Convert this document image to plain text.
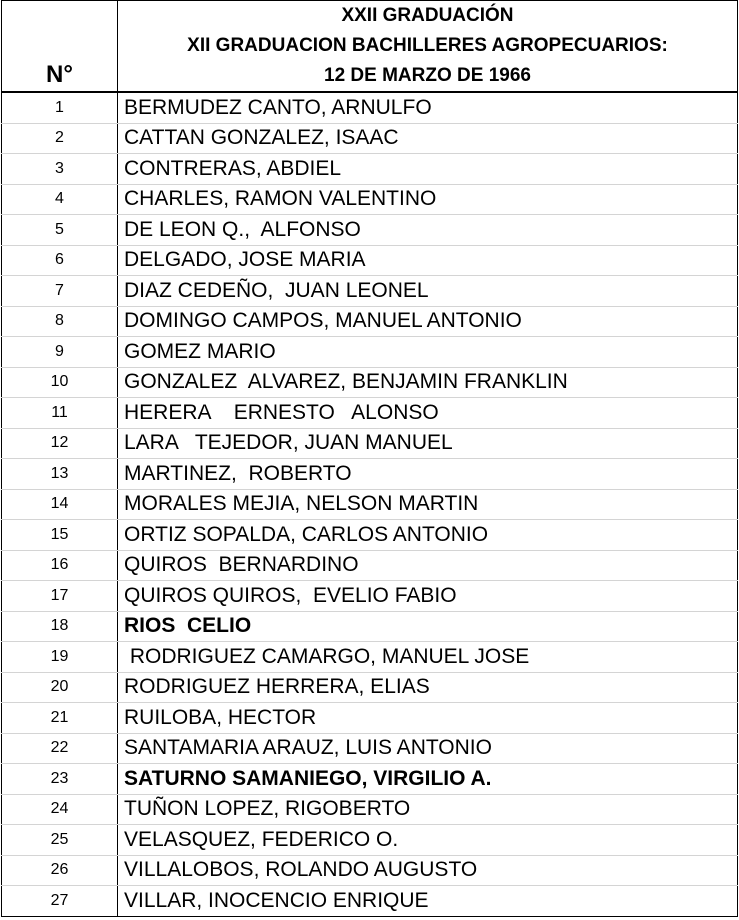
N°	XXII GRADUACIÓN
	XII GRADUACION BACHILLERES AGROPECUARIOS:
	12 DE MARZO DE 1966
1	BERMUDEZ CANTO, ARNULFO
2	CATTAN GONZALEZ, ISAAC
3	CONTRERAS, ABDIEL
4	CHARLES, RAMON VALENTINO
5	DE LEON Q.,  ALFONSO
6	DELGADO, JOSE MARIA
7	DIAZ CEDEÑO,  JUAN LEONEL
8	DOMINGO CAMPOS, MANUEL ANTONIO
9	GOMEZ MARIO
10	GONZALEZ  ALVAREZ, BENJAMIN FRANKLIN
11	HERERA    ERNESTO   ALONSO
12	LARA   TEJEDOR, JUAN MANUEL
13	MARTINEZ,  ROBERTO
14	MORALES MEJIA, NELSON MARTIN
15	ORTIZ SOPALDA, CARLOS ANTONIO
16	QUIROS  BERNARDINO
17	QUIROS QUIROS,  EVELIO FABIO
18	RIOS  CELIO
19	RODRIGUEZ CAMARGO, MANUEL JOSE
20	RODRIGUEZ HERRERA, ELIAS
21	RUILOBA, HECTOR
22	SANTAMARIA ARAUZ, LUIS ANTONIO
23	SATURNO SAMANIEGO, VIRGILIO A.
24	TUÑON LOPEZ, RIGOBERTO
25	VELASQUEZ, FEDERICO O.
26	VILLALOBOS, ROLANDO AUGUSTO
27	VILLAR, INOCENCIO ENRIQUE
